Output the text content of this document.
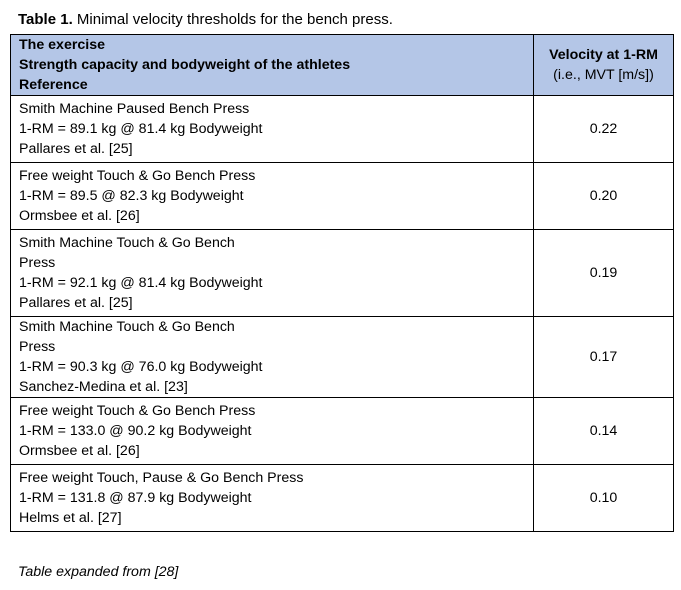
Table 1. Minimal velocity thresholds for the bench press.
The exercise
Strength capacity and bodyweight of the athletes
Reference	Velocity at 1-RM
(i.e., MVT [m/s])

Smith Machine Paused Bench Press
1-RM = 89.1 kg @ 81.4 kg Bodyweight
Pallares et al. [25]	0.22

Free weight Touch & Go Bench Press
1-RM = 89.5 @ 82.3 kg Bodyweight
Ormsbee et al. [26]	0.20

Smith Machine Touch & Go Bench
Press
1-RM = 92.1 kg @ 81.4 kg Bodyweight
Pallares et al. [25]	0.19

Smith Machine Touch & Go Bench
Press
1-RM = 90.3 kg @ 76.0 kg Bodyweight
Sanchez-Medina et al. [23]	0.17

Free weight Touch & Go Bench Press
1-RM = 133.0 @ 90.2 kg Bodyweight
Ormsbee et al. [26]	0.14

Free weight Touch, Pause & Go Bench Press
1-RM = 131.8 @ 87.9 kg Bodyweight
Helms et al. [27]	0.10
Table expanded from [28]
